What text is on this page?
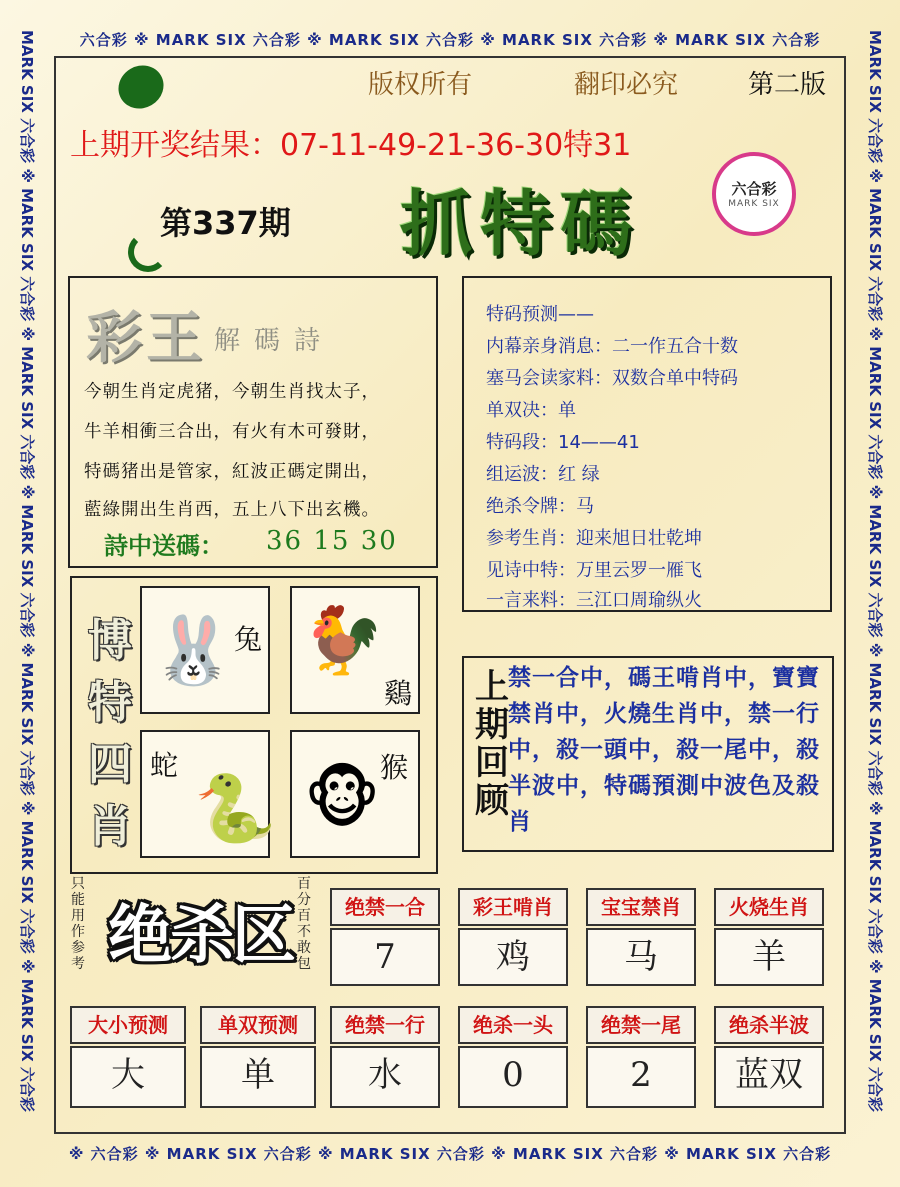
六合彩 ※ MARK SIX 六合彩 ※ MARK SIX 六合彩 ※ MARK SIX 六合彩 ※ MARK SIX 六合彩
※ 六合彩 ※ MARK SIX 六合彩 ※ MARK SIX 六合彩 ※ MARK SIX 六合彩 ※ MARK SIX 六合彩
MARK SIX 六合彩 ※ MARK SIX 六合彩 ※ MARK SIX 六合彩 ※ MARK SIX 六合彩 ※ MARK SIX 六合彩 ※ MARK SIX 六合彩 ※ MARK SIX 六合彩	MARK SIX 六合彩 ※ MARK SIX 六合彩 ※ MARK SIX 六合彩 ※ MARK SIX 六合彩 ※ MARK SIX 六合彩 ※ MARK SIX 六合彩 ※ MARK SIX 六合彩
版权所有	翻印必究	第二版
上期开奖结果：07-11-49-21-36-30特31
第337期 抓特碼	六合彩
MARK SIX
彩王 解碼詩
今朝生肖定虎猪，今朝生肖找太子，
牛羊相衝三合出，有火有木可發財，
特碼猪出是管家，紅波正碼定開出，
藍綠開出生肖西，五上八下出玄機。
詩中送碼： 36 15 30
特码预测——
内幕亲身消息：二一作五合十数
塞马会读家料：双数合单中特码
单双决：单
特码段：14——41
组运波：红 绿
绝杀令牌：马
参考生肖：迎来旭日壮乾坤
见诗中特：万里云罗一雁飞
一言来料：三江口周瑜纵火
上期回顾
禁一合中，碼王啃肖中，寶寶禁肖中，火燒生肖中，禁一行中，殺一頭中，殺一尾中，殺半波中，特碼預測中波色及殺肖
博特四肖
🐰 兔 🐓
鷄
🐍
蛇 🐵 猴
只能用作参考 绝杀区
百分百不敢包
绝禁一合
7
彩王啃肖
鸡
宝宝禁肖
马
火烧生肖
羊
大小预测
大
单双预测
单
绝禁一行
水
绝杀一头
0
绝禁一尾
2
绝杀半波
蓝双
